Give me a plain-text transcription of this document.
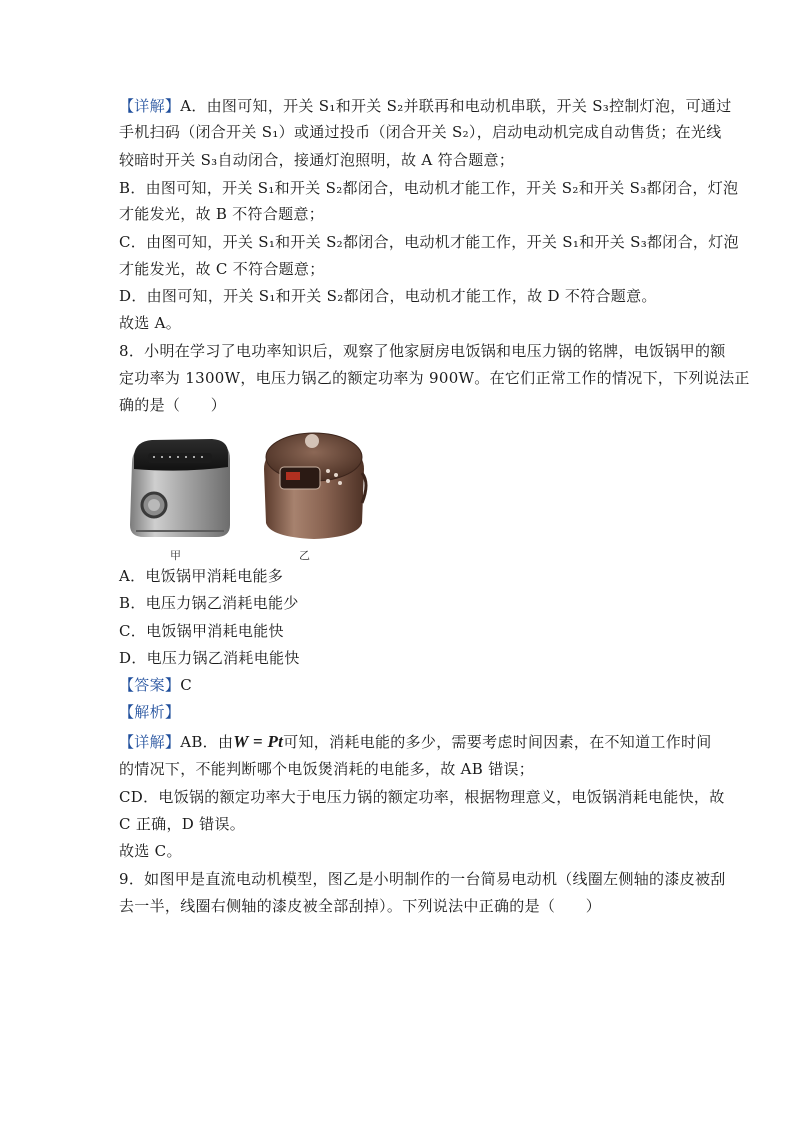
【详解】A．由图可知，开关 S₁和开关 S₂并联再和电动机串联，开关 S₃控制灯泡，可通过
手机扫码（闭合开关 S₁）或通过投币（闭合开关 S₂），启动电动机完成自动售货；在光线
较暗时开关 S₃自动闭合，接通灯泡照明，故 A 符合题意；
B．由图可知，开关 S₁和开关 S₂都闭合，电动机才能工作，开关 S₂和开关 S₃都闭合，灯泡
才能发光，故 B 不符合题意；
C．由图可知，开关 S₁和开关 S₂都闭合，电动机才能工作，开关 S₁和开关 S₃都闭合，灯泡
才能发光，故 C 不符合题意；
D．由图可知，开关 S₁和开关 S₂都闭合，电动机才能工作，故 D 不符合题意。
故选 A。
8．小明在学习了电功率知识后，观察了他家厨房电饭锅和电压力锅的铭牌，电饭锅甲的额
定功率为 1300W，电压力锅乙的额定功率为 900W。在它们正常工作的情况下，下列说法正
确的是（　　）
甲	乙
A．电饭锅甲消耗电能多
B．电压力锅乙消耗电能少
C．电饭锅甲消耗电能快
D．电压力锅乙消耗电能快
【答案】C
【解析】
【详解】AB．由W = Pt可知，消耗电能的多少，需要考虑时间因素，在不知道工作时间
的情况下，不能判断哪个电饭煲消耗的电能多，故 AB 错误；
CD．电饭锅的额定功率大于电压力锅的额定功率，根据物理意义，电饭锅消耗电能快，故
C 正确，D 错误。
故选 C。
9．如图甲是直流电动机模型，图乙是小明制作的一台简易电动机（线圈左侧轴的漆皮被刮
去一半，线圈右侧轴的漆皮被全部刮掉）。下列说法中正确的是（　　）
